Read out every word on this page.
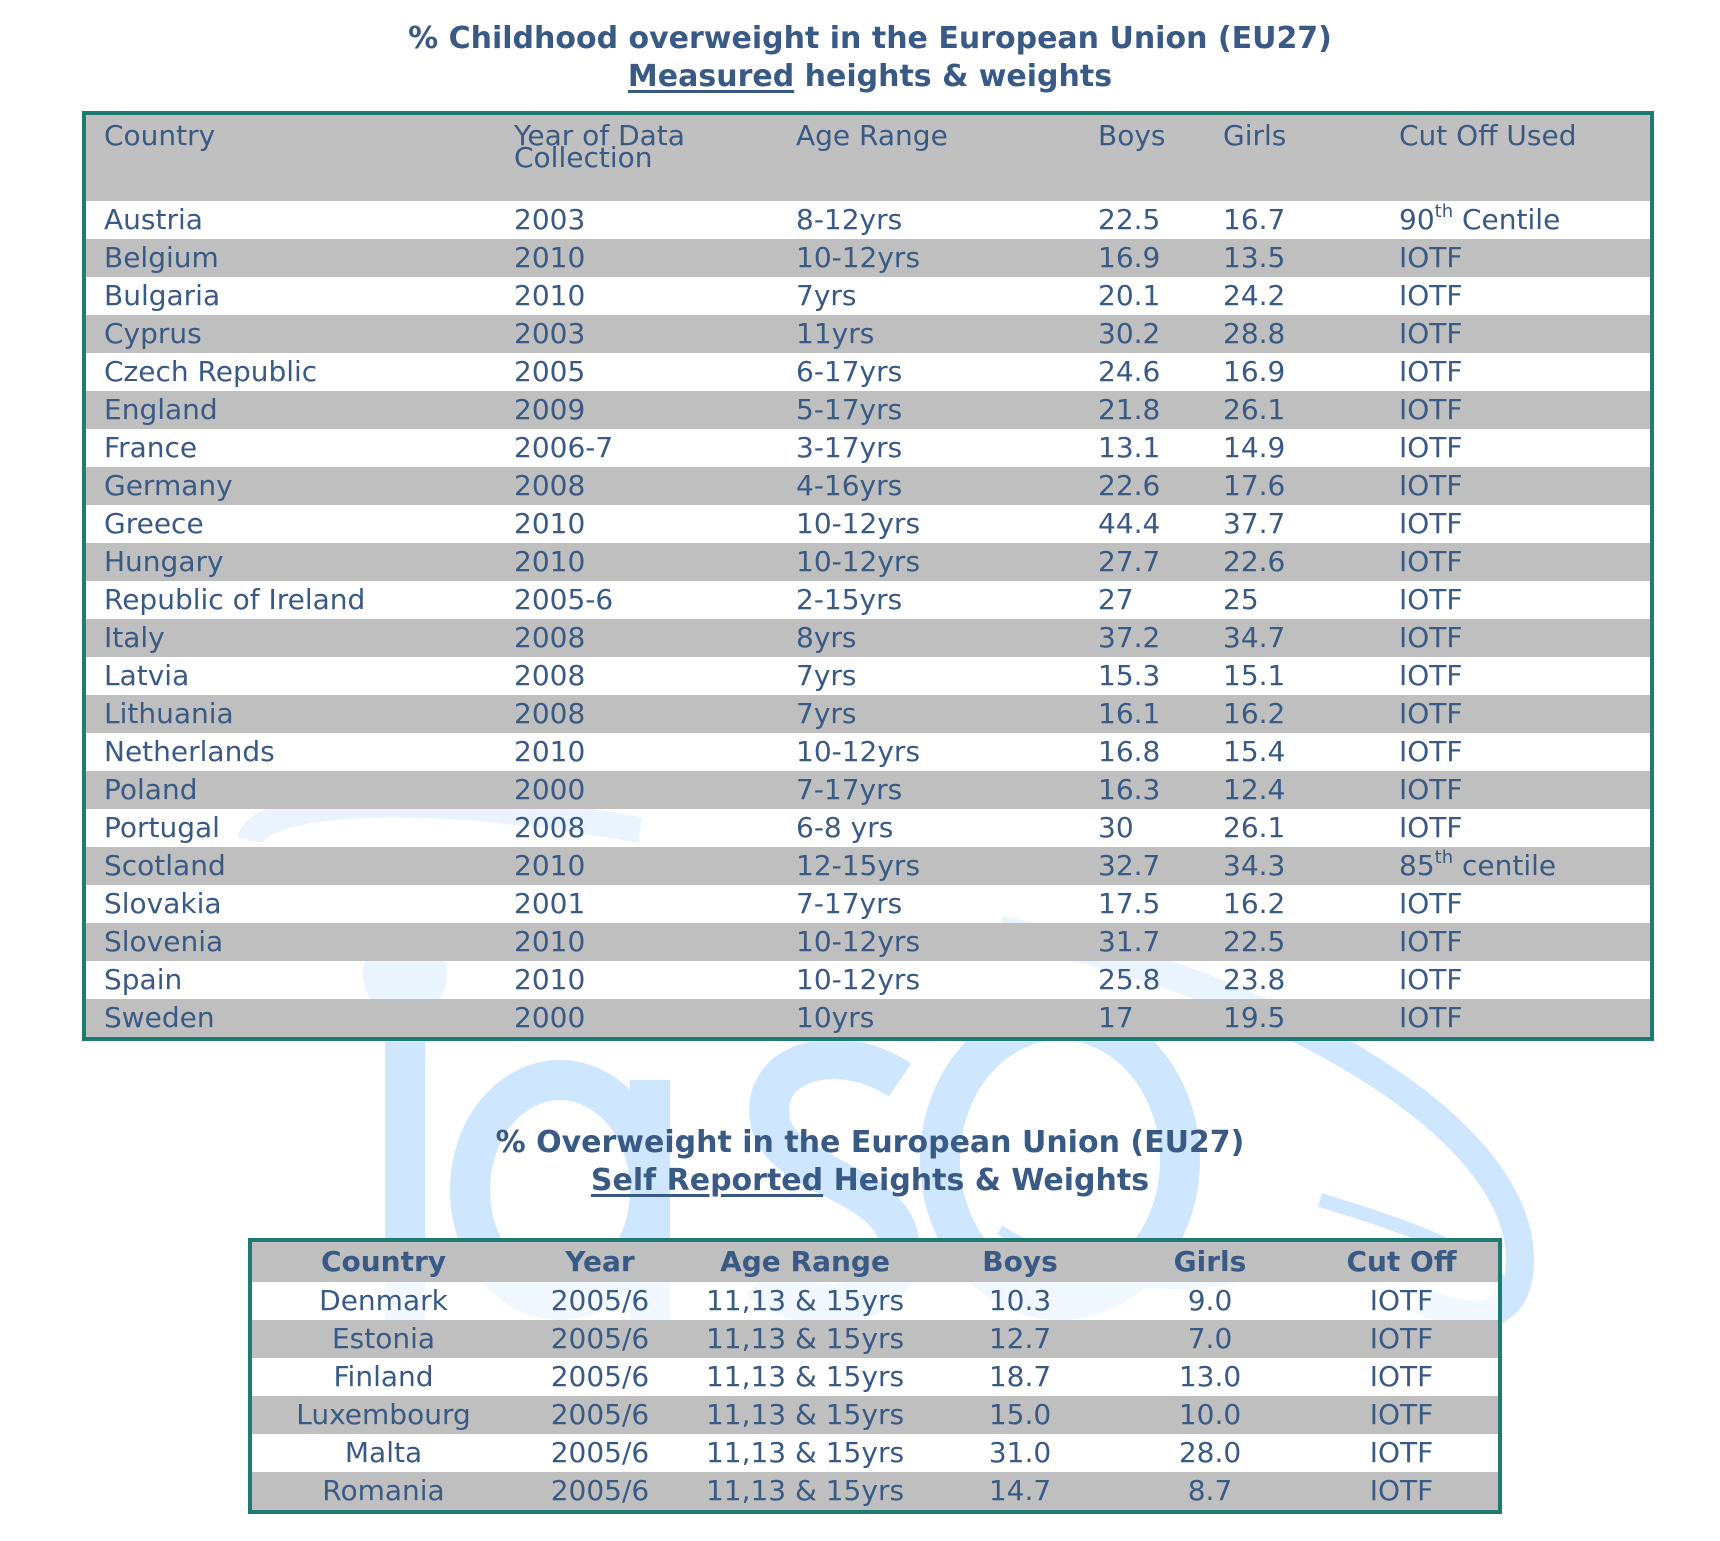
% Childhood overweight in the European Union (EU27)
Measured heights & weights
Country	Year of Data Collection	Age Range	Boys	Girls	Cut Off Used
Austria	2003	8-12yrs	22.5	16.7	90th Centile
Belgium	2010	10-12yrs	16.9	13.5	IOTF
Bulgaria	2010	7yrs	20.1	24.2	IOTF
Cyprus	2003	11yrs	30.2	28.8	IOTF
Czech Republic	2005	6-17yrs	24.6	16.9	IOTF
England	2009	5-17yrs	21.8	26.1	IOTF
France	2006-7	3-17yrs	13.1	14.9	IOTF
Germany	2008	4-16yrs	22.6	17.6	IOTF
Greece	2010	10-12yrs	44.4	37.7	IOTF
Hungary	2010	10-12yrs	27.7	22.6	IOTF
Republic of Ireland	2005-6	2-15yrs	27	25	IOTF
Italy	2008	8yrs	37.2	34.7	IOTF
Latvia	2008	7yrs	15.3	15.1	IOTF
Lithuania	2008	7yrs	16.1	16.2	IOTF
Netherlands	2010	10-12yrs	16.8	15.4	IOTF
Poland	2000	7-17yrs	16.3	12.4	IOTF
Portugal	2008	6-8 yrs	30	26.1	IOTF
Scotland	2010	12-15yrs	32.7	34.3	85th centile
Slovakia	2001	7-17yrs	17.5	16.2	IOTF
Slovenia	2010	10-12yrs	31.7	22.5	IOTF
Spain	2010	10-12yrs	25.8	23.8	IOTF
Sweden	2000	10yrs	17	19.5	IOTF
% Overweight in the European Union (EU27)
Self Reported Heights & Weights
Country	Year	Age Range	Boys	Girls	Cut Off
Denmark	2005/6	11,13 & 15yrs	10.3	9.0	IOTF
Estonia	2005/6	11,13 & 15yrs	12.7	7.0	IOTF
Finland	2005/6	11,13 & 15yrs	18.7	13.0	IOTF
Luxembourg	2005/6	11,13 & 15yrs	15.0	10.0	IOTF
Malta	2005/6	11,13 & 15yrs	31.0	28.0	IOTF
Romania	2005/6	11,13 & 15yrs	14.7	8.7	IOTF
